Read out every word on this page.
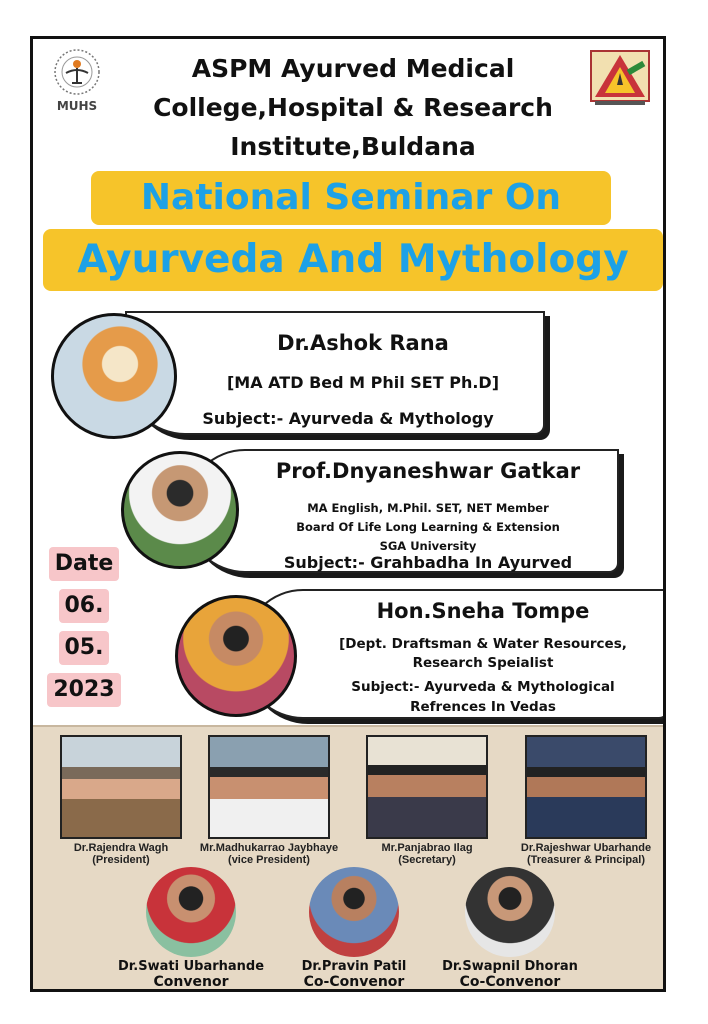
MUHS
ASPM Ayurved Medical
College,Hospital & Research
Institute,Buldana
National Seminar On
Ayurveda And Mythology
Dr.Ashok Rana
[MA ATD Bed M Phil SET Ph.D]
Subject:- Ayurveda & Mythology
Prof.Dnyaneshwar Gatkar
MA English, M.Phil. SET, NET Member
Board Of Life Long Learning & Extension
SGA University
Subject:- Grahbadha In Ayurved
Date
06.
05.
2023
Hon.Sneha Tompe
[Dept. Draftsman & Water Resources,
Research Speialist
Subject:- Ayurveda & Mythological
Refrences In Vedas
Dr.Rajendra Wagh
(President)
Mr.Madhukarrao Jaybhaye
(vice President)
Mr.Panjabrao Ilag
(Secretary)
Dr.Rajeshwar Ubarhande
(Treasurer & Principal)
Dr.Swati Ubarhande
Convenor
Dr.Pravin Patil
Co-Convenor
Dr.Swapnil Dhoran
Co-Convenor
